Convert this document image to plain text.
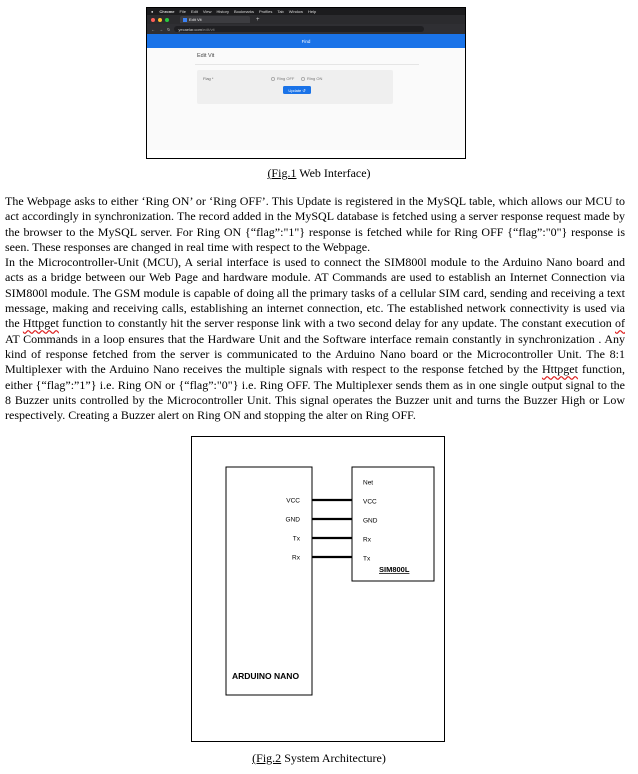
● Chrome File Edit View History Bookmarks Profiles Tab Window Help
Edit Vit	+
← → ↻ yecaelar.com /edit/vit
Find
Edit Vit
Flag *	Ring OFF	Ring ON
Update ↺
(Fig.1 Web Interface)

The Webpage asks to either ‘Ring ON’ or ‘Ring OFF’. This Update is registered in the MySQL table, which allows our MCU to act accordingly in synchronization. The record added in the MySQL database is fetched using a server response request made by the browser to the MySQL server. For Ring ON {“flag”:"1"} response is fetched while for Ring OFF {“flag”:"0"} response is seen. These responses are changed in real time with respect to the Webpage.

In the Microcontroller-Unit (MCU), A serial interface is used to connect the SIM800l module to the Arduino Nano board and acts as a bridge between our Web Page and hardware module. AT Commands are used to establish an Internet Connection via SIM800l module. The GSM module is capable of doing all the primary tasks of a cellular SIM card, sending and receiving a text message, making and receiving calls, establishing an internet connection, etc. The established network connectivity is used via the Httpget function to constantly hit the server response link with a two second delay for any update. The constant execution of AT Commands in a loop ensures that the Hardware Unit and the Software interface remain constantly in synchronization . Any kind of response fetched from the server is communicated to the Arduino Nano board or the Microcontroller Unit. The 8:1 Multiplexer with the Arduino Nano receives the multiple signals with respect to the response fetched by the Httpget function, either {“flag”:”1”} i.e. Ring ON or {“flag”:"0"} i.e. Ring OFF. The Multiplexer sends them as in one single output signal to the 8 Buzzer units controlled by the Microcontroller Unit. This signal operates the Buzzer unit and turns the Buzzer High or Low respectively. Creating a Buzzer alert on Ring ON and stopping the alter on Ring OFF.

VCC
GND
Tx
Rx
Net
VCC
GND
Rx
Tx
ARDUINO NANO
SIM800L
(Fig.2 System Architecture)
